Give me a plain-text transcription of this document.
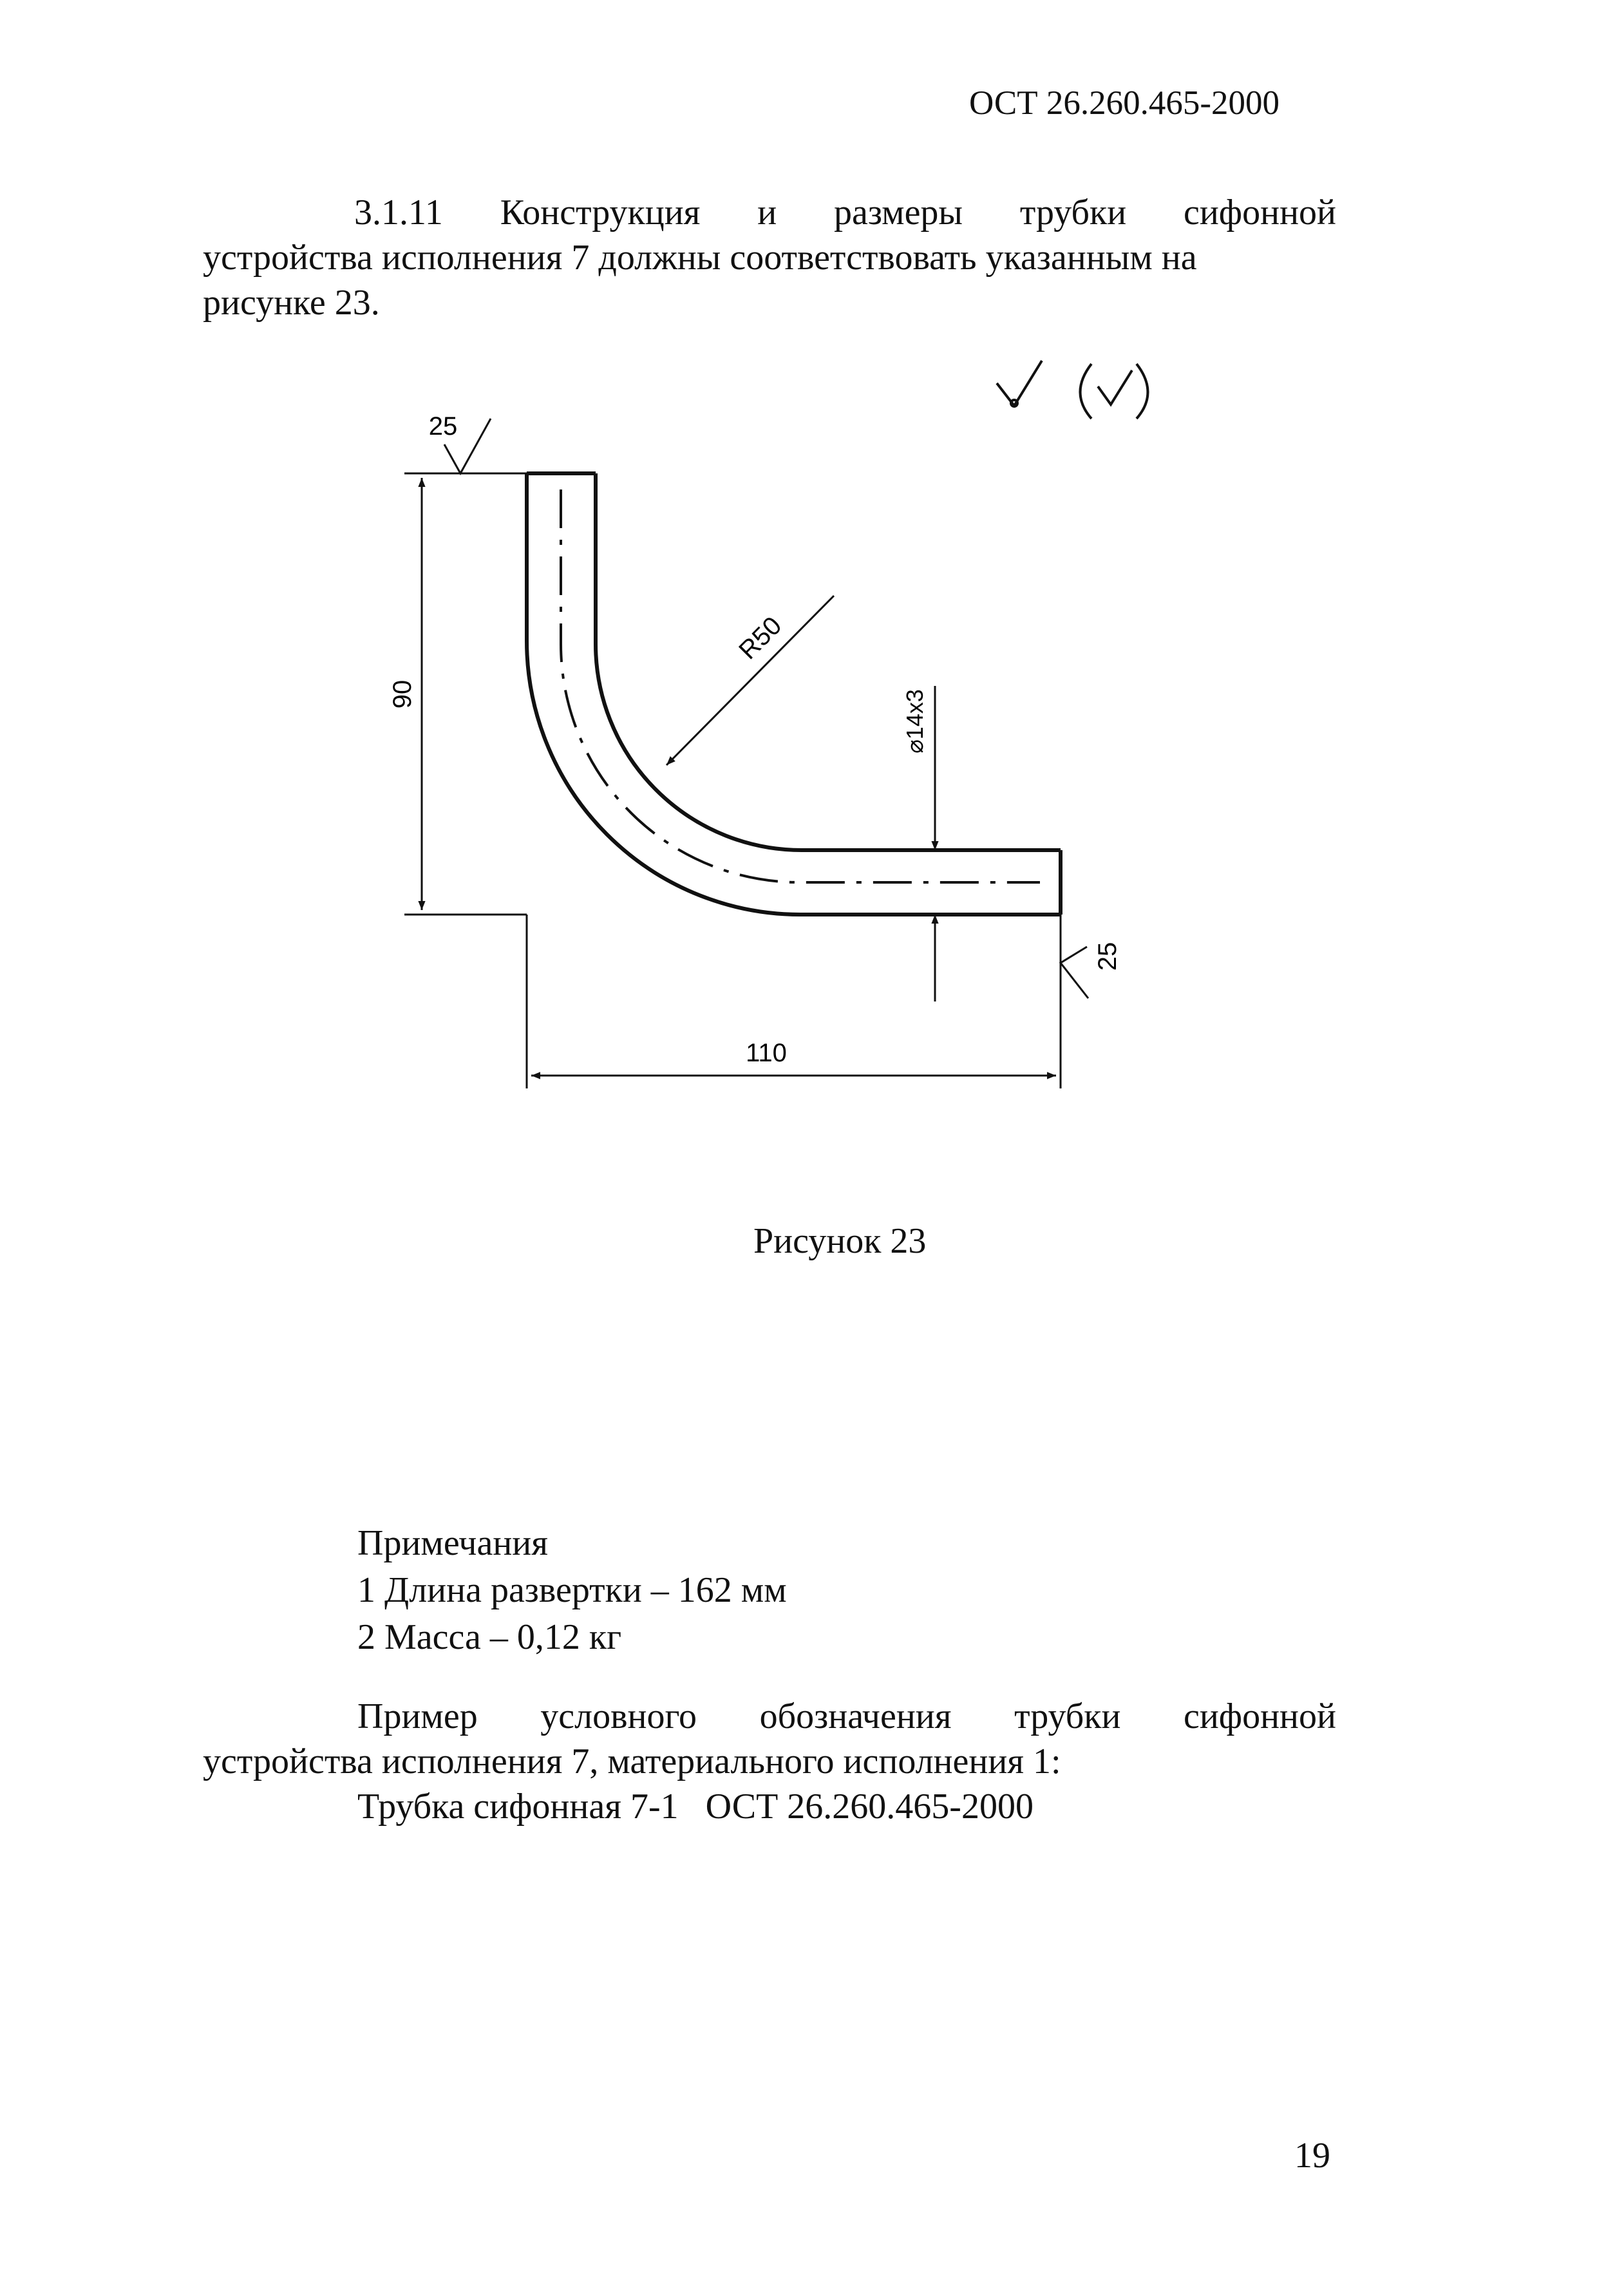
ОСТ 26.260.465-2000
3.1.11 Конструкция и размеры трубки сифонной
устройства исполнения 7 должны соответствовать указанным на
рисунке 23.
90
110
R50
⌀14x3
25
25
Рисунок 23
Примечания
1 Длина развертки – 162 мм
2 Масса – 0,12 кг
Пример условного обозначения трубки сифонной
устройства исполнения 7, материального исполнения 1:
Трубка сифонная 7-1   ОСТ 26.260.465-2000
19
